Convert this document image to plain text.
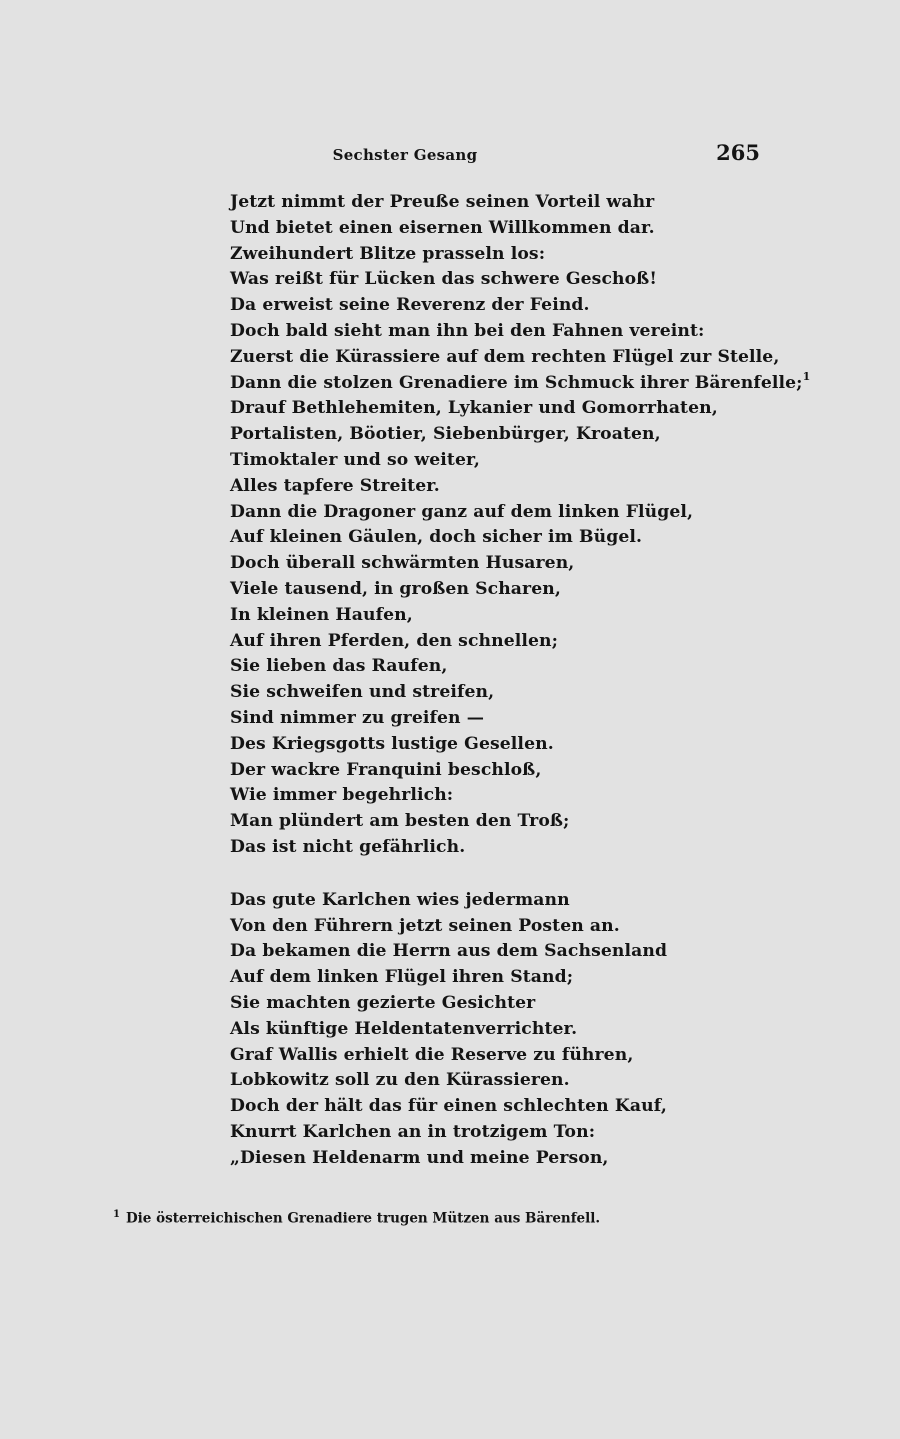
Sechster Gesang	265
Jetzt nimmt der Preuße seinen Vorteil wahr
Und bietet einen eisernen Willkommen dar.
Zweihundert Blitze prasseln los:
Was reißt für Lücken das schwere Geschoß!
Da erweist seine Reverenz der Feind.
Doch bald sieht man ihn bei den Fahnen vereint:
Zuerst die Kürassiere auf dem rechten Flügel zur Stelle,
Dann die stolzen Grenadiere im Schmuck ihrer Bärenfelle;$^1$
Drauf Bethlehemiten, Lykanier und Gomorrhaten,
Portalisten, Böotier, Siebenbürger, Kroaten,
Timoktaler und so weiter,
Alles tapfere Streiter.
Dann die Dragoner ganz auf dem linken Flügel,
Auf kleinen Gäulen, doch sicher im Bügel.
Doch überall schwärmten Husaren,
Viele tausend, in großen Scharen,
In kleinen Haufen,
Auf ihren Pferden, den schnellen;
Sie lieben das Raufen,
Sie schweifen und streifen,
Sind nimmer zu greifen —
Des Kriegsgotts lustige Gesellen.
Der wackre Franquini beschloß,
Wie immer begehrlich:
Man plündert am besten den Troß;
Das ist nicht gefährlich.
Das gute Karlchen wies jedermann
Von den Führern jetzt seinen Posten an.
Da bekamen die Herrn aus dem Sachsenland
Auf dem linken Flügel ihren Stand;
Sie machten gezierte Gesichter
Als künftige Heldentatenverrichter.
Graf Wallis erhielt die Reserve zu führen,
Lobkowitz soll zu den Kürassieren.
Doch der hält das für einen schlechten Kauf,
Knurrt Karlchen an in trotzigem Ton:
„Diesen Heldenarm und meine Person,
$^1$ Die österreichischen Grenadiere trugen Mützen aus Bärenfell.
